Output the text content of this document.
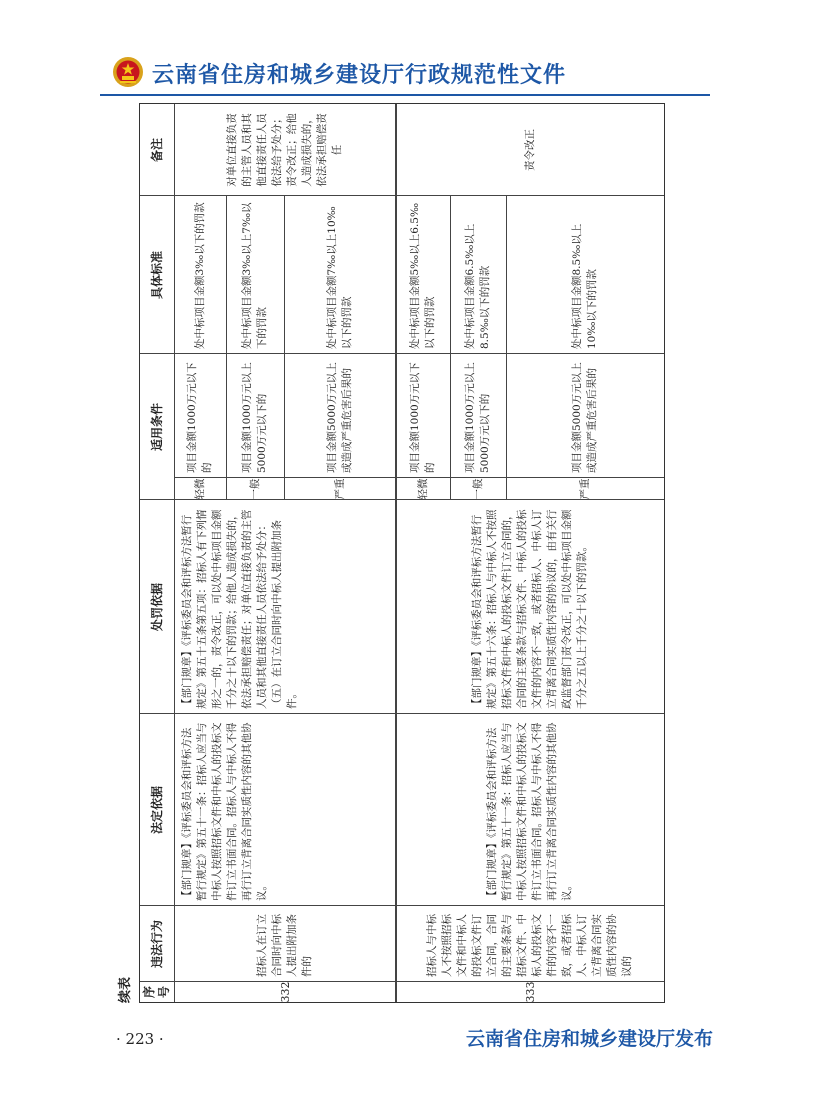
云南省住房和城乡建设厅行政规范性文件
续表 序号
违法行为
法定依据
处罚依据
适用条件
具体标准
备注
332
招标人在订立合同时向中标人提出附加条件的
【部门规章】《评标委员会和评标方法暂行规定》第五十一条：招标人应当与中标人按照招标文件和中标人的投标文件订立书面合同。招标人与中标人不得再行订立背离合同实质性内容的其他协议。
【部门规章】《评标委员会和评标方法暂行规定》第五十五条第五项：招标人有下列情形之一的，责令改正，可以处中标项目金额千分之十以下的罚款；给他人造成损失的，依法承担赔偿责任；对单位直接负责的主管人员和其他直接责任人员依法给予处分：（五）在订立合同时向中标人提出附加条件。
轻微
项目金额1000万元以下的
处中标项目金额3‰以下的罚款
一般
项目金额1000万元以上5000万元以下的
处中标项目金额3‰以上7‰以下的罚款
严重
项目金额5000万元以上或造成严重危害后果的
处中标项目金额7‰以上10‰以下的罚款
对单位直接负责的主管人员和其他直接责任人员依法给予处分；责令改正；给他人造成损失的，依法承担赔偿责任
333
招标人与中标人不按照招标文件和中标人的投标文件订立合同，合同的主要条款与招标文件、中标人的投标文件的内容不一致，或者招标人、中标人订立背离合同实质性内容的协议的
【部门规章】《评标委员会和评标方法暂行规定》第五十一条：招标人应当与中标人按照招标文件和中标人的投标文件订立书面合同。招标人与中标人不得再行订立背离合同实质性内容的其他协议。
【部门规章】《评标委员会和评标方法暂行规定》第五十六条：招标人与中标人不按照招标文件和中标人的投标文件订立合同的，合同的主要条款与招标文件、中标人的投标文件的内容不一致，或者招标人、中标人订立背离合同实质性内容的协议的，由有关行政监督部门责令改正，可以处中标项目金额千分之五以上千分之十以下的罚款。
轻微
项目金额1000万元以下的
处中标项目金额5‰以上6.5‰以下的罚款
一般
项目金额1000万元以上5000万元以下的
处中标项目金额6.5‰以上8.5‰以下的罚款
严重
项目金额5000万元以上或造成严重危害后果的
处中标项目金额8.5‰以上10‰以下的罚款
责令改正
· 223 ·	云南省住房和城乡建设厅发布
